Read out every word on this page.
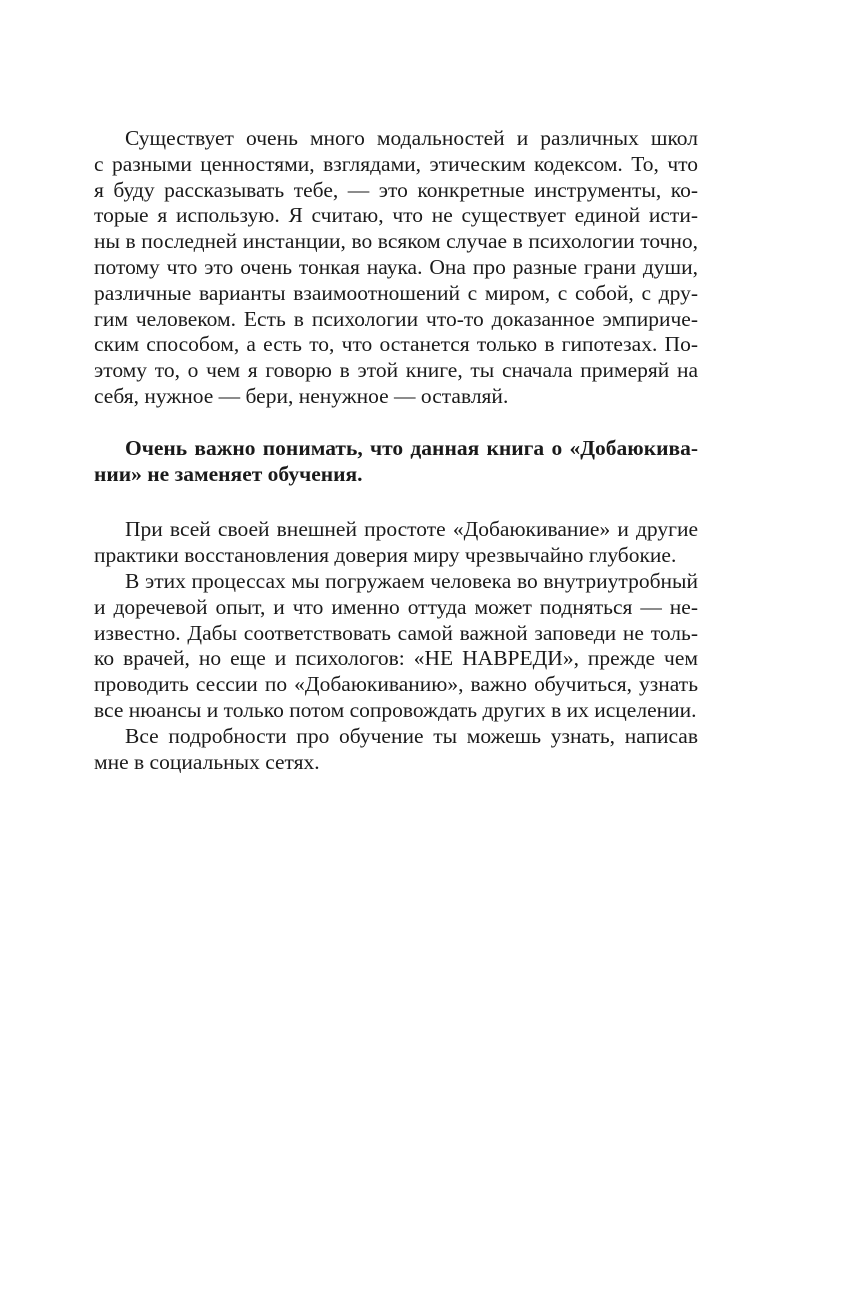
Существует очень много модальностей и различных школ
с разными ценностями, взглядами, этическим кодексом. То, что
я буду рассказывать тебе, — это конкретные инструменты, ко-
торые я использую. Я считаю, что не существует единой исти-
ны в последней инстанции, во всяком случае в психологии точно,
потому что это очень тонкая наука. Она про разные грани души,
различные варианты взаимоотношений с миром, с собой, с дру-
гим человеком. Есть в психологии что-то доказанное эмпириче-
ским способом, а есть то, что останется только в гипотезах. По-
этому то, о чем я говорю в этой книге, ты сначала примеряй на
себя, нужное — бери, ненужное — оставляй.
Очень важно понимать, что данная книга о «Добаюкива-
нии» не заменяет обучения.
При всей своей внешней простоте «Добаюкивание» и другие
практики восстановления доверия миру чрезвычайно глубокие.
В этих процессах мы погружаем человека во внутриутробный
и доречевой опыт, и что именно оттуда может подняться — не-
известно. Дабы соответствовать самой важной заповеди не толь-
ко врачей, но еще и психологов: «НЕ НАВРЕДИ», прежде чем
проводить сессии по «Добаюкиванию», важно обучиться, узнать
все нюансы и только потом сопровождать других в их исцелении.
Все подробности про обучение ты можешь узнать, написав
мне в социальных сетях.
